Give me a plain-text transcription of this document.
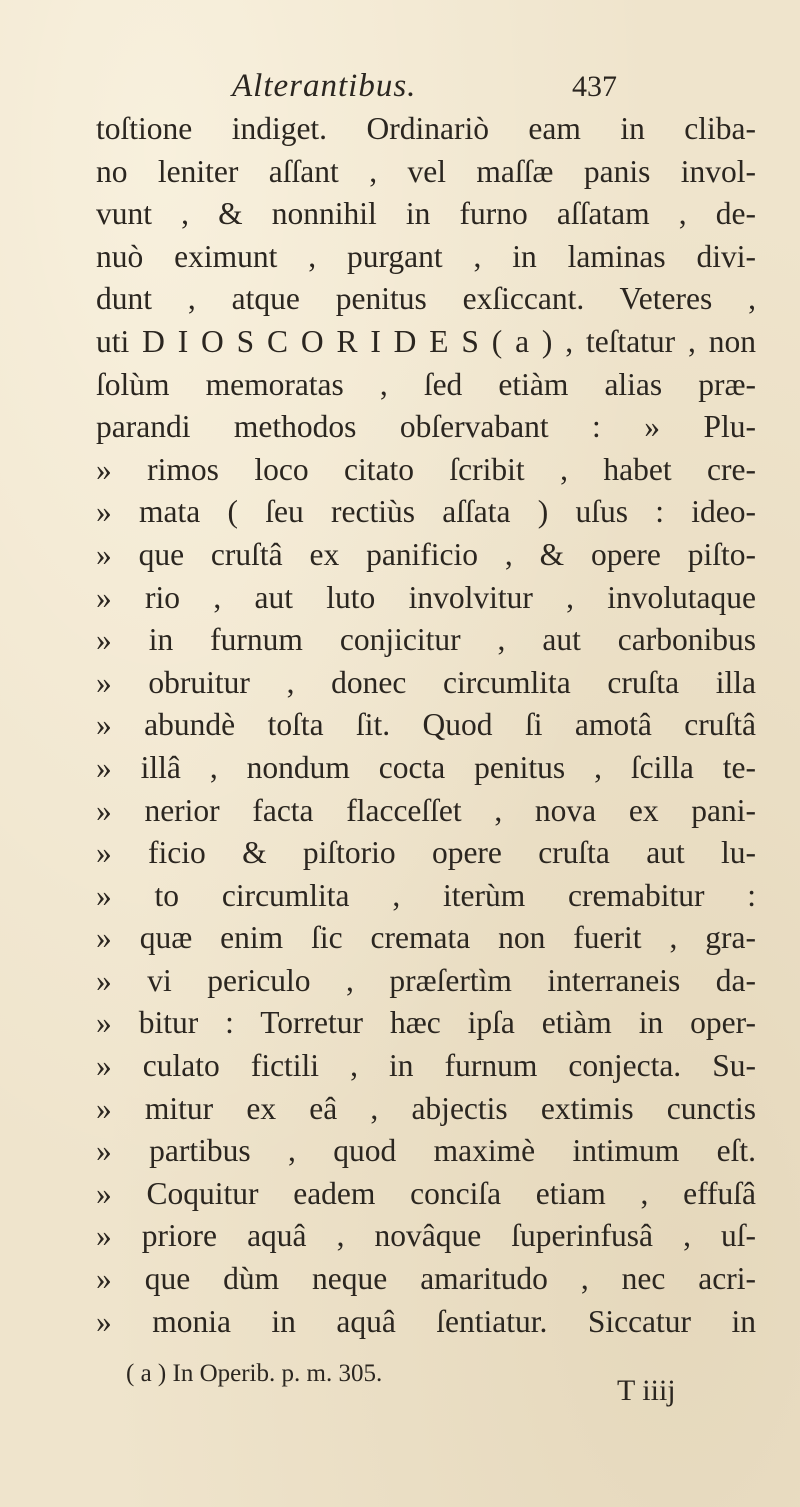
Alterantibus.	437
toſtione indiget. Ordinariò eam in cliba-
no leniter aſſant , vel maſſæ panis invol-
vunt , & nonnihil in furno aſſatam , de-
nuò eximunt , purgant , in laminas divi-
dunt , atque penitus exſiccant. Veteres ,
uti D I O S C O R I D E S ( a ) , teſtatur , non
ſolùm memoratas , ſed etiàm alias præ-
parandi methodos obſervabant : » Plu-
» rimos loco citato ſcribit , habet cre-
» mata ( ſeu rectiùs aſſata ) uſus : ideo-
» que cruſtâ ex panificio , & opere piſto-
» rio , aut luto involvitur , involutaque
» in furnum conjicitur , aut carbonibus
» obruitur , donec circumlita cruſta illa
» abundè toſta ſit. Quod ſi amotâ cruſtâ
» illâ , nondum cocta penitus , ſcilla te-
» nerior facta flacceſſet , nova ex pani-
» ficio & piſtorio opere cruſta aut lu-
» to circumlita , iterùm cremabitur :
» quæ enim ſic cremata non fuerit , gra-
» vi periculo , præſertìm interraneis da-
» bitur : Torretur hæc ipſa etiàm in oper-
» culato fictili , in furnum conjecta. Su-
» mitur ex eâ , abjectis extimis cunctis
» partibus , quod maximè intimum eſt.
» Coquitur eadem conciſa etiam , effuſâ
» priore aquâ , novâque ſuperinfusâ , uſ-
» que dùm neque amaritudo , nec acri-
» monia in aquâ ſentiatur. Siccatur in
( a ) In Operib. p. m. 305.
T iiij
